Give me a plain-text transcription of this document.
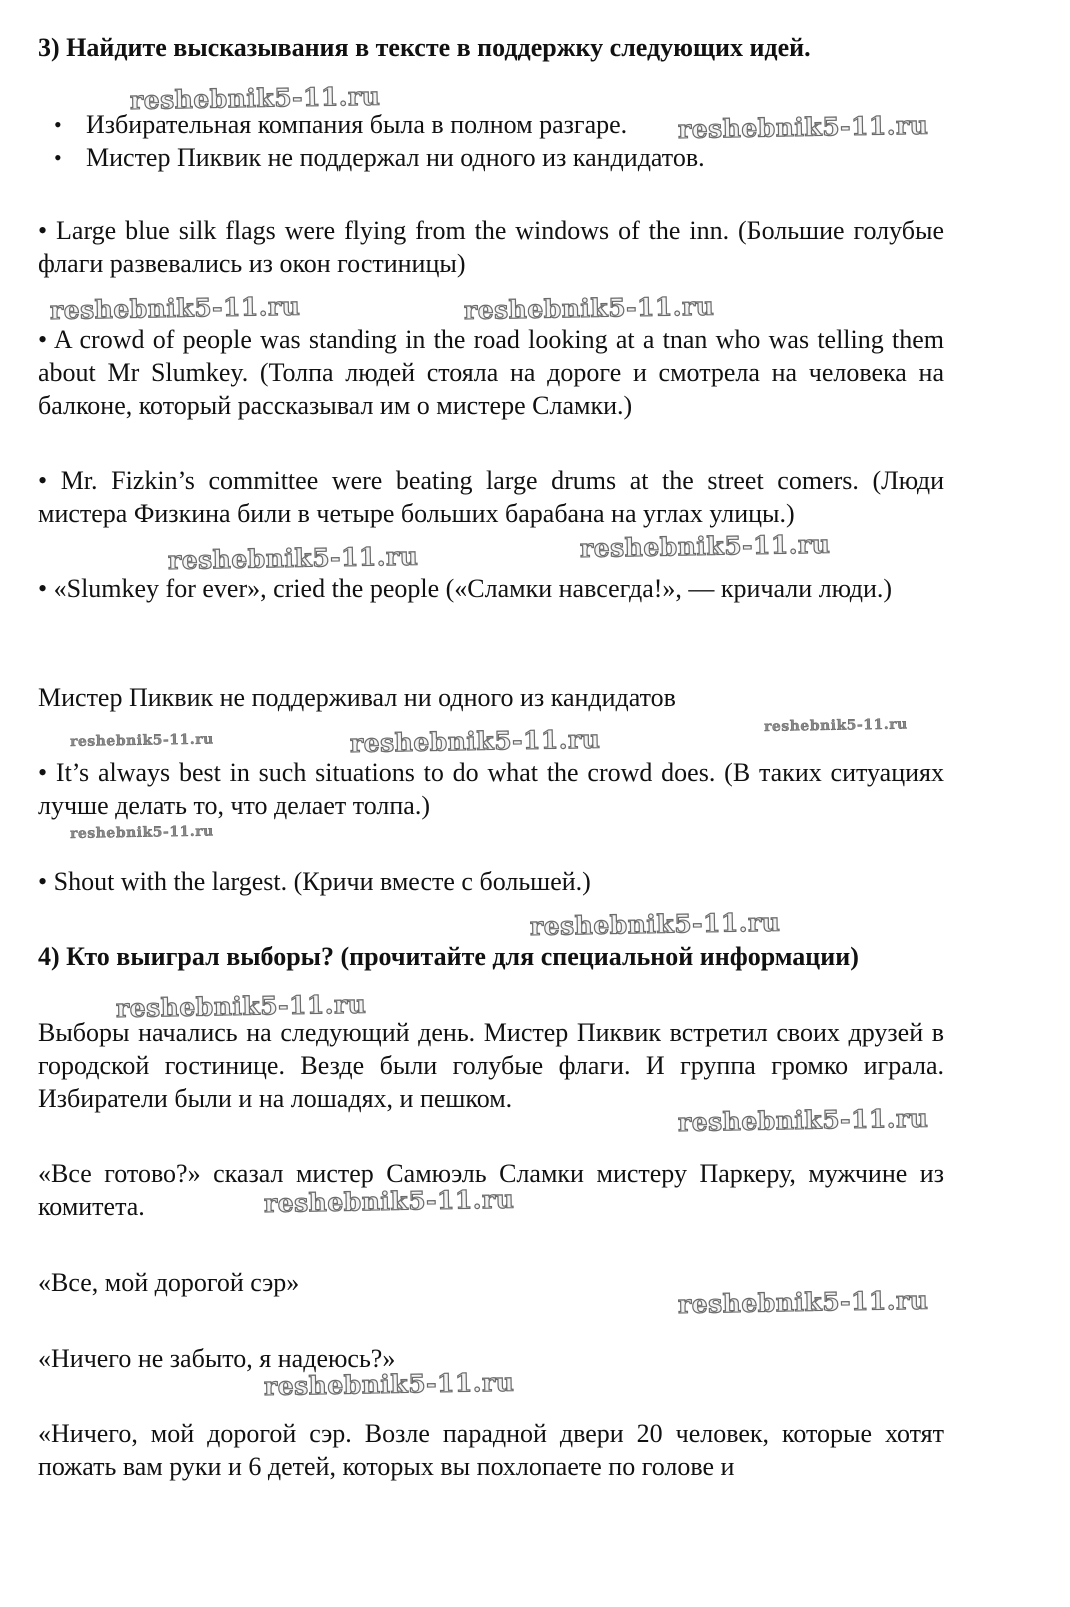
3) Найдите высказывания в тексте в поддержку следующих идей.
• Избирательная компания была в полном разгаре.
• Мистер Пиквик не поддержал ни одного из кандидатов.
• Large blue silk flags were flying from the windows of the inn. (Большие голубые флаги развевались из окон гостиницы)
• A crowd of people was standing in the road looking at a tnan who was telling them about Mr Slumkey. (Толпа людей стояла на дороге и смотрела на человека на балконе, который рассказывал им о мистере Сламки.)
• Mr. Fizkin’s committee were beating large drums at the street comers. (Люди мистера Физкина били в четыре больших барабана на углах улицы.)
• «Slumkey for ever», cried the people («Сламки навсегда!», — кричали люди.)
Мистер Пиквик не поддерживал ни одного из кандидатов
• It’s always best in such situations to do what the crowd does. (В таких ситуациях лучше делать то, что делает толпа.)
• Shout with the largest. (Кричи вместе с большей.)
4) Кто выиграл выборы? (прочитайте для специальной информации)
Выборы начались на следующий день. Мистер Пиквик встретил своих друзей в городской гостинице. Везде были голубые флаги. И группа громко играла. Избиратели были и на лошадях, и пешком.
«Все готово?» сказал мистер Самюэль Сламки мистеру Паркеру, мужчине из комитета.
«Все, мой дорогой сэр»
«Ничего не забыто, я надеюсь?»
«Ничего, мой дорогой сэр. Возле парадной двери 20 человек, которые хотят пожать вам руки и 6 детей, которых вы похлопаете по голове и
reshebnik5-11.ru
reshebnik5-11.ru
reshebnik5-11.ru	reshebnik5-11.ru
reshebnik5-11.ru	reshebnik5-11.ru
reshebnik5-11.ru	reshebnik5-11.ru	reshebnik5-11.ru
reshebnik5-11.ru
reshebnik5-11.ru
reshebnik5-11.ru
reshebnik5-11.ru
reshebnik5-11.ru
reshebnik5-11.ru
reshebnik5-11.ru
